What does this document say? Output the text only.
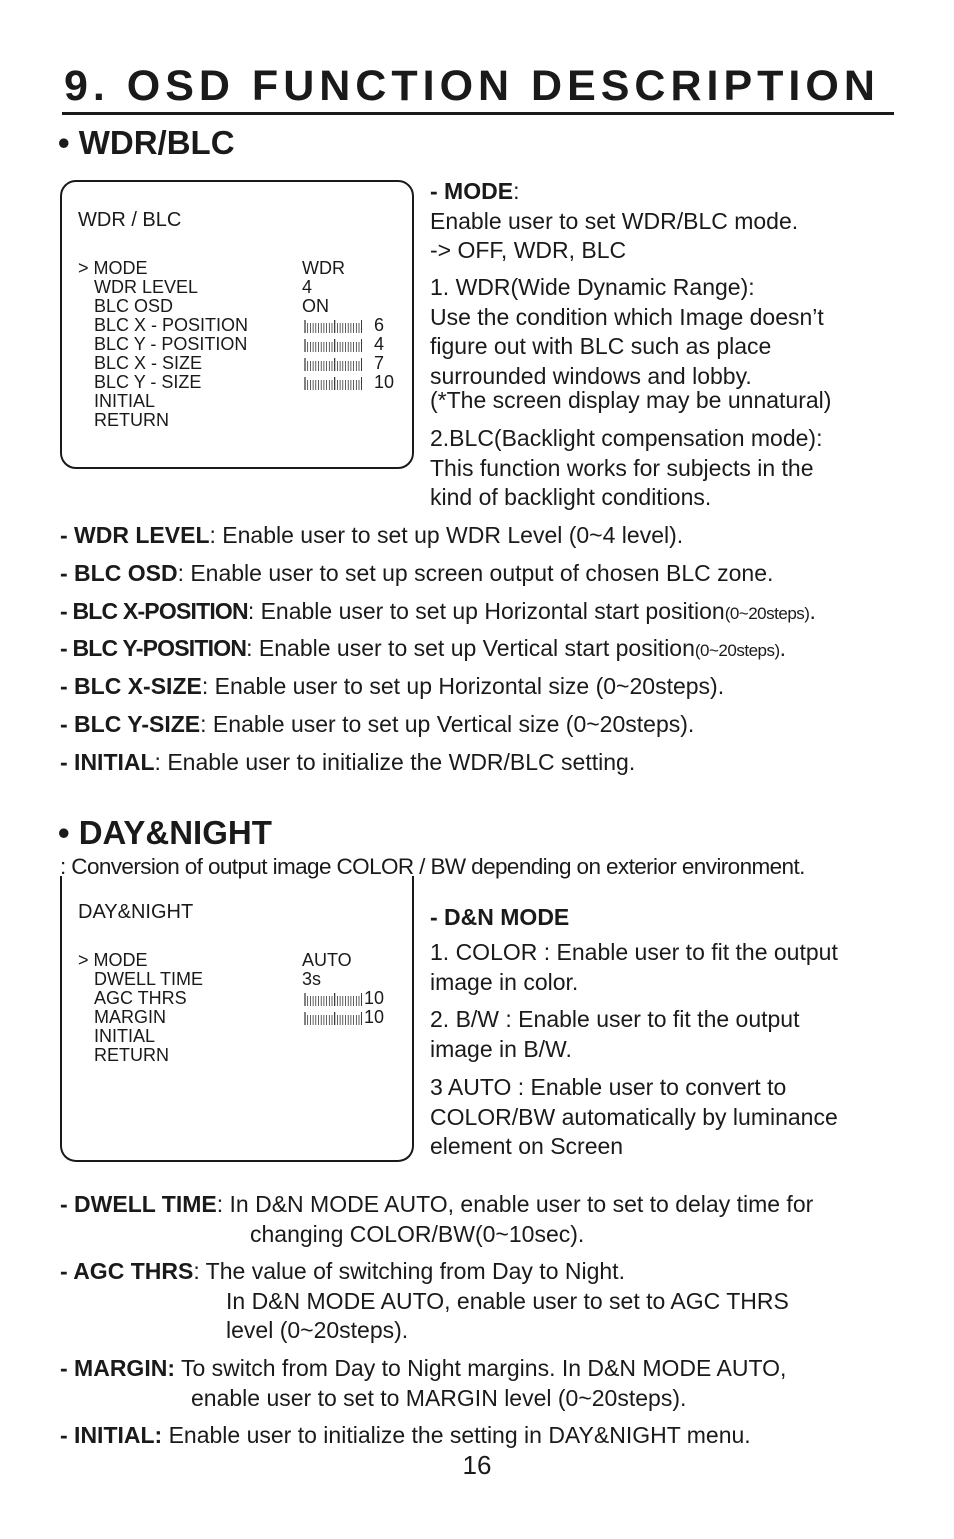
9. OSD FUNCTION DESCRIPTION
• WDR/BLC
WDR / BLC
> MODE	WDR
WDR LEVEL	4
BLC OSD	ON
BLC X - POSITION	6
BLC Y - POSITION	4
BLC X - SIZE	7
BLC Y - SIZE	10
INITIAL
RETURN

- MODE:

Enable user to set WDR/BLC mode.

-> OFF, WDR, BLC

1. WDR(Wide Dynamic Range):

Use the condition which Image doesn’t

figure out with BLC such as place

surrounded windows and lobby.

(*The screen display may be unnatural)

2.BLC(Backlight compensation mode):

This function works for subjects in the

kind of backlight conditions.

- WDR LEVEL: Enable user to set up WDR Level (0~4 level).
- BLC OSD: Enable user to set up screen output of chosen BLC zone.
- BLC X-POSITION: Enable user to set up Horizontal start position(0~20steps).
- BLC Y-POSITION: Enable user to set up Vertical start position(0~20steps).
- BLC X-SIZE: Enable user to set up Horizontal size (0~20steps).
- BLC Y-SIZE: Enable user to set up Vertical size (0~20steps).
- INITIAL: Enable user to initialize the WDR/BLC setting.
• DAY&NIGHT
: Conversion of output image COLOR / BW depending on exterior environment.
DAY&NIGHT
> MODE	AUTO
DWELL TIME	3s
AGC THRS	10
MARGIN	10
INITIAL
RETURN

- D&N MODE

1. COLOR : Enable user to fit the output

image in color.

2. B/W : Enable user to fit the output

image in B/W.

3 AUTO : Enable user to convert to

COLOR/BW automatically by luminance

element on Screen

- DWELL TIME: In D&N MODE AUTO, enable user to set to delay time for
changing COLOR/BW(0~10sec).
- AGC THRS: The value of switching from Day to Night.
In D&N MODE AUTO, enable user to set to AGC THRS
level (0~20steps).
- MARGIN: To switch from Day to Night margins. In D&N MODE AUTO,
enable user to set to MARGIN level (0~20steps).
- INITIAL: Enable user to initialize the setting in DAY&NIGHT menu.
16
